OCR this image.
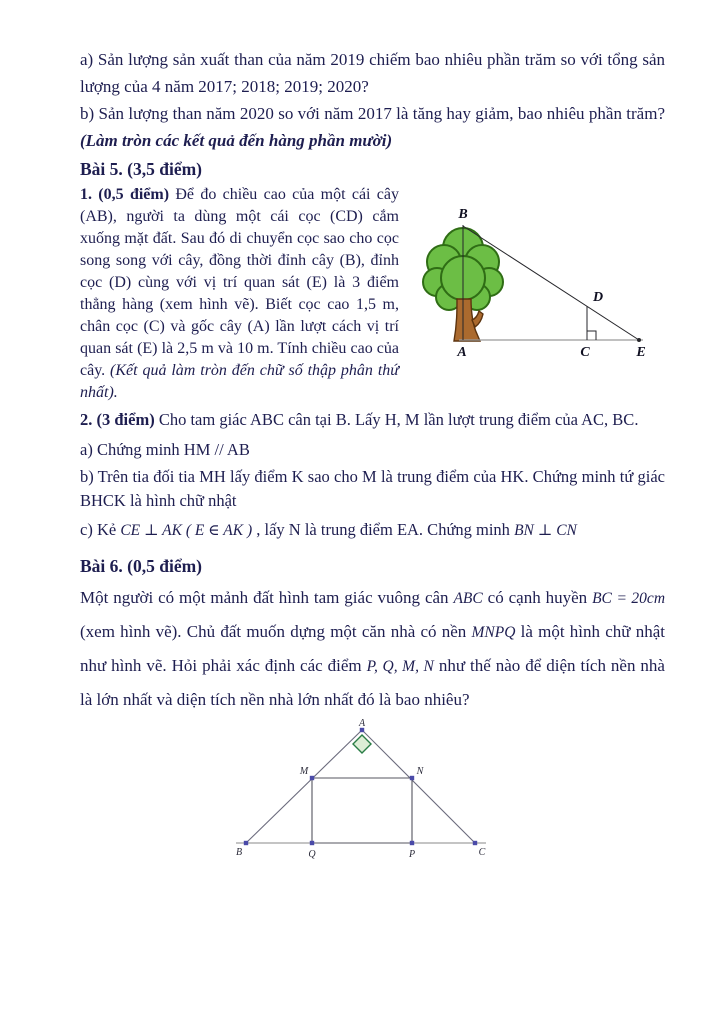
a) Sản lượng sản xuất than của năm 2019 chiếm bao nhiêu phần trăm so với tổng sản lượng của 4 năm 2017; 2018; 2019; 2020?

b) Sản lượng than năm 2020 so với năm 2017 là tăng hay giảm, bao nhiêu phần trăm? (Làm tròn các kết quả đến hàng phần mười)

Bài 5. (3,5 điểm)

1. (0,5 điểm) Để đo chiều cao của một cái cây (AB), người ta dùng một cái cọc (CD) cắm xuống mặt đất. Sau đó di chuyển cọc sao cho cọc song song với cây, đồng thời đỉnh cây (B), đỉnh cọc (D) cùng với vị trí quan sát (E) là 3 điểm thẳng hàng (xem hình vẽ). Biết cọc cao 1,5 m, chân cọc (C) và gốc cây (A) lần lượt cách vị trí quan sát (E) là 2,5 m và 10 m. Tính chiều cao của cây. (Kết quả làm tròn đến chữ số thập phân thứ nhất).

B
D
A	C	E

2. (3 điểm) Cho tam giác ABC cân tại B. Lấy H, M lần lượt trung điểm của AC, BC.

a) Chứng minh HM // AB

b) Trên tia đối tia MH lấy điểm K sao cho M là trung điểm của HK. Chứng minh tứ giác BHCK là hình chữ nhật

c) Kẻ CE ⊥ AK ( E ∈ AK ) , lấy N là trung điểm EA. Chứng minh BN ⊥ CN

Bài 6. (0,5 điểm)

Một người có một mảnh đất hình tam giác vuông cân ABC có cạnh huyền BC = 20cm (xem hình vẽ). Chủ đất muốn dựng một căn nhà có nền MNPQ là một hình chữ nhật như hình vẽ. Hỏi phải xác định các điểm P, Q, M, N như thế nào để diện tích nền nhà là lớn nhất và diện tích nền nhà lớn nhất đó là bao nhiêu?

A
M	N
B	Q	P	C
